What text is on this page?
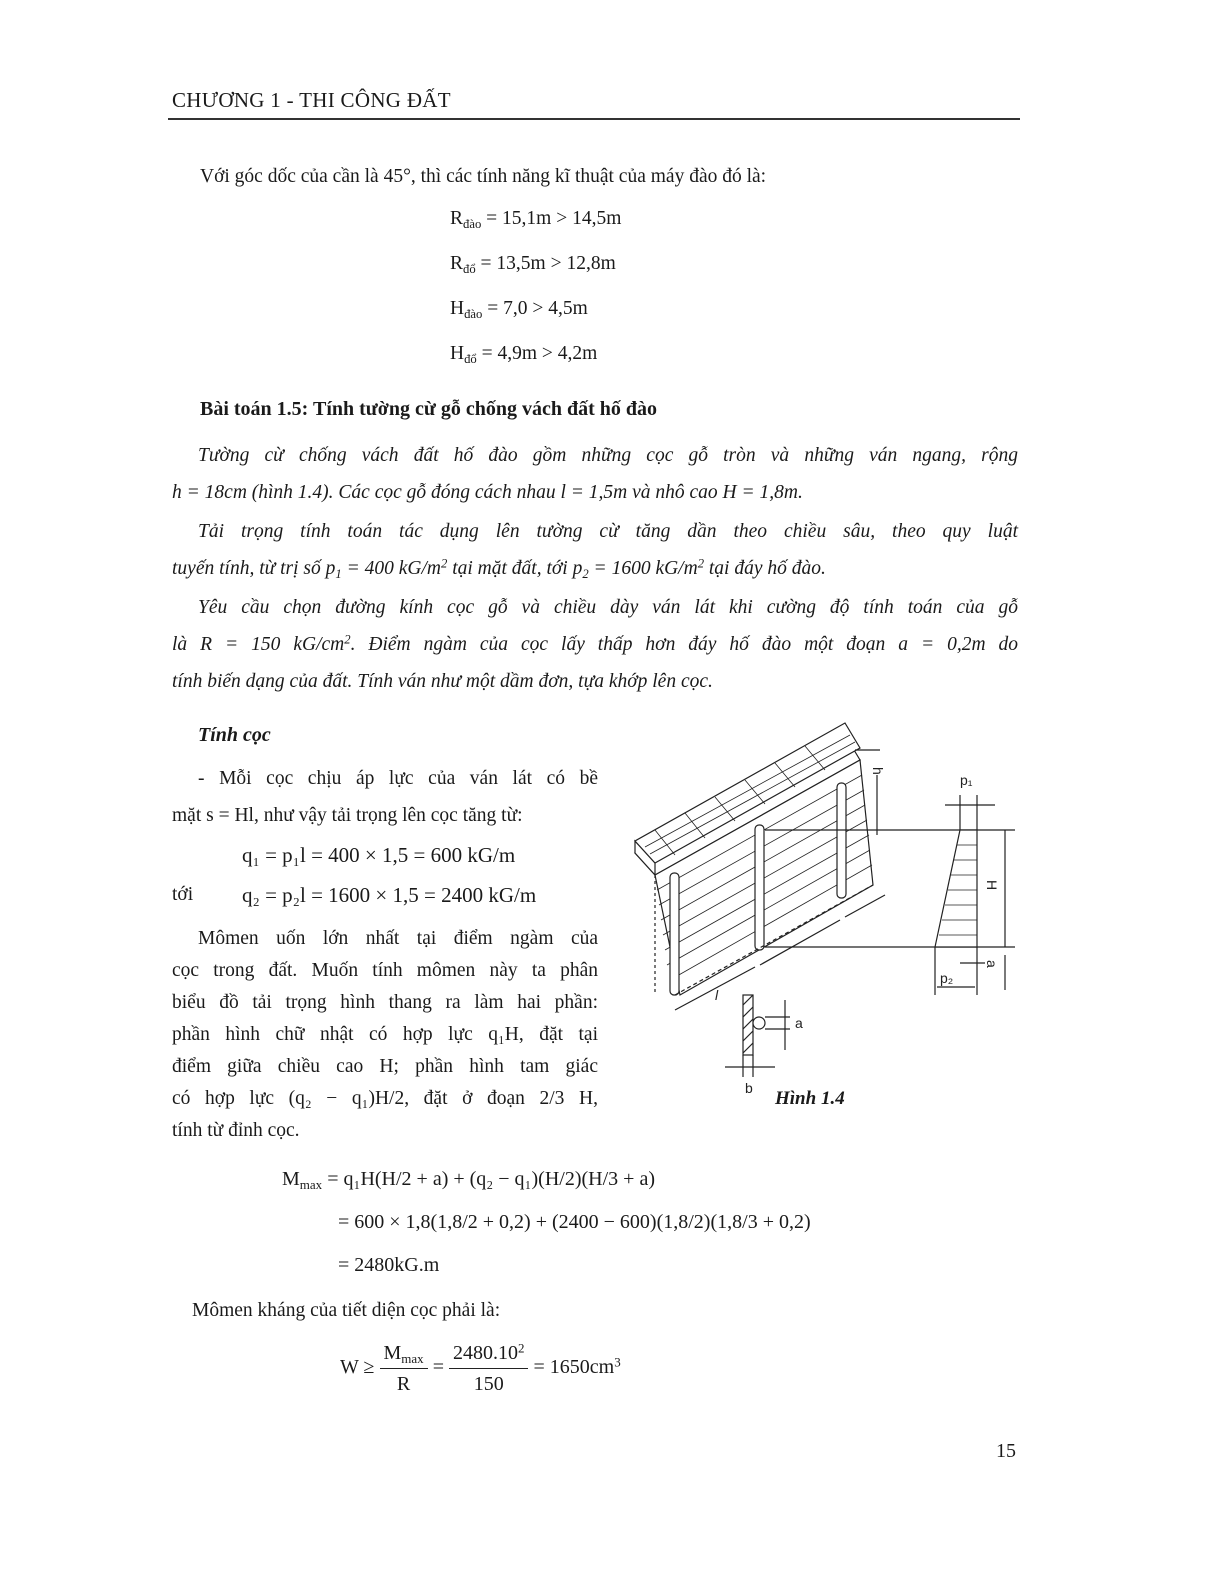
CHƯƠNG 1 - THI CÔNG ĐẤT
Với góc dốc của cần là 45°, thì các tính năng kĩ thuật của máy đào đó là:
$R_{đào} = 15,1m > 14,5m$
$R_{đổ} = 13,5m > 12,8m$
$H_{đào} = 7,0 > 4,5m$
$H_{đổ} = 4,9m > 4,2m$
Bài toán 1.5: Tính tường cừ gỗ chống vách đất hố đào
Tường cừ chống vách đất hố đào gồm những cọc gỗ tròn và những ván ngang, rộng
h = 18cm (hình 1.4). Các cọc gỗ đóng cách nhau l = 1,5m và nhô cao H = 1,8m.
Tải trọng tính toán tác dụng lên tường cừ tăng dần theo chiều sâu, theo quy luật
tuyến tính, từ trị số $p_1 = 400$ $kG/m^2$ tại mặt đất, tới $p_2 = 1600$ $kG/m^2$ tại đáy hố đào.
Yêu cầu chọn đường kính cọc gỗ và chiều dày ván lát khi cường độ tính toán của gỗ
là R = 150 $kG/cm^2$. Điểm ngàm của cọc lấy thấp hơn đáy hố đào một đoạn a = 0,2m do
tính biến dạng của đất. Tính ván như một dầm đơn, tựa khớp lên cọc.
Tính cọc
- Mỗi cọc chịu áp lực của ván lát có bề
mặt s = Hl, như vậy tải trọng lên cọc tăng từ:
q₁ = p₁l = 400 × 1,5 = 600 kG/m
tới q₂ = p₂l = 1600 × 1,5 = 2400 kG/m
Mômen uốn lớn nhất tại điểm ngàm của
cọc trong đất. Muốn tính mômen này ta phân
biểu đồ tải trọng hình thang ra làm hai phần:
phần hình chữ nhật có hợp lực q₁H, đặt tại
điểm giữa chiều cao H; phần hình tam giác
có hợp lực (q₂ − q₁)H/2, đặt ở đoạn 2/3 H,
tính từ đỉnh cọc.
h
p₁
H
a
p₂
l
a
b Hình 1.4
$M_{max} = q_1H(H/2 + a) + (q_2 - q_1)(H/2)(H/3 + a)$
= 600 × 1,8(1,8/2 + 0,2) + (2400 − 600)(1,8/2)(1,8/3 + 0,2)
= 2480kG.m
Mômen kháng của tiết diện cọc phải là:
$W \ge \frac{M_{max}}{R} = \frac{2480.10^2}{150} = 1650cm^3$
15
